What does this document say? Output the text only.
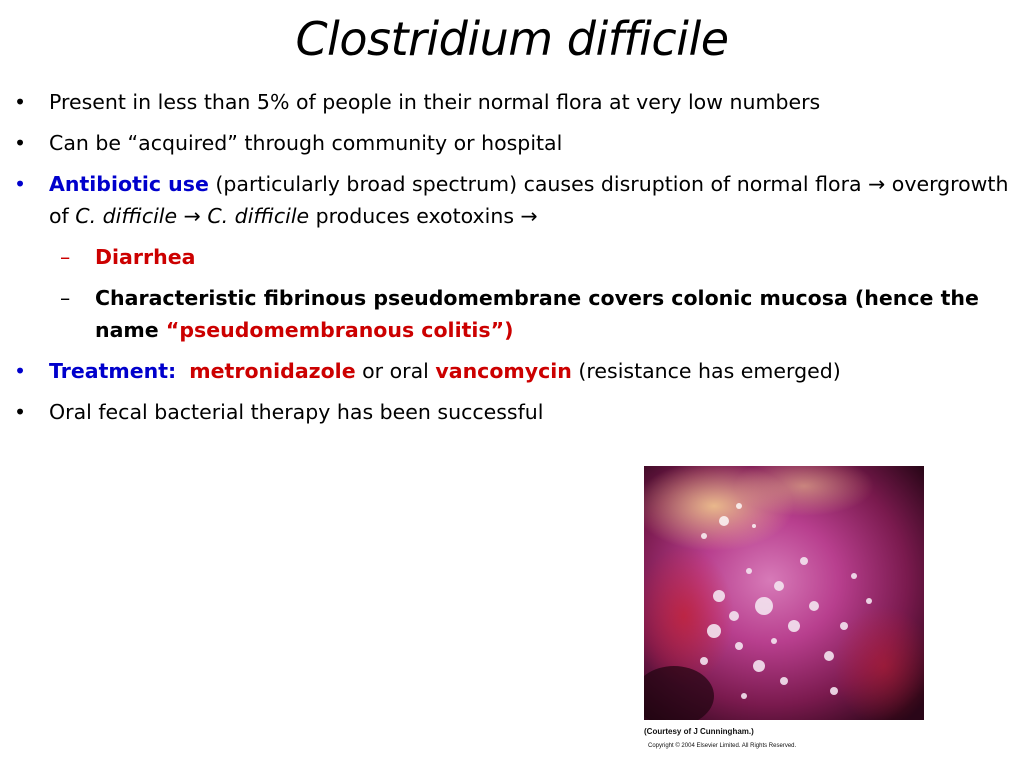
Clostridium difficile
• Present in less than 5% of people in their normal flora at very low numbers
• Can be “acquired” through community or hospital
• Antibiotic use (particularly broad spectrum) causes disruption of normal flora → overgrowth of C. difficile → C. difficile produces exotoxins →
– Diarrhea
– Characteristic fibrinous pseudomembrane covers colonic mucosa (hence the name “pseudomembranous colitis”)
• Treatment: metronidazole or oral vancomycin (resistance has emerged)
• Oral fecal bacterial therapy has been successful
(Courtesy of J Cunningham.)
Copyright © 2004 Elsevier Limited. All Rights Reserved.
